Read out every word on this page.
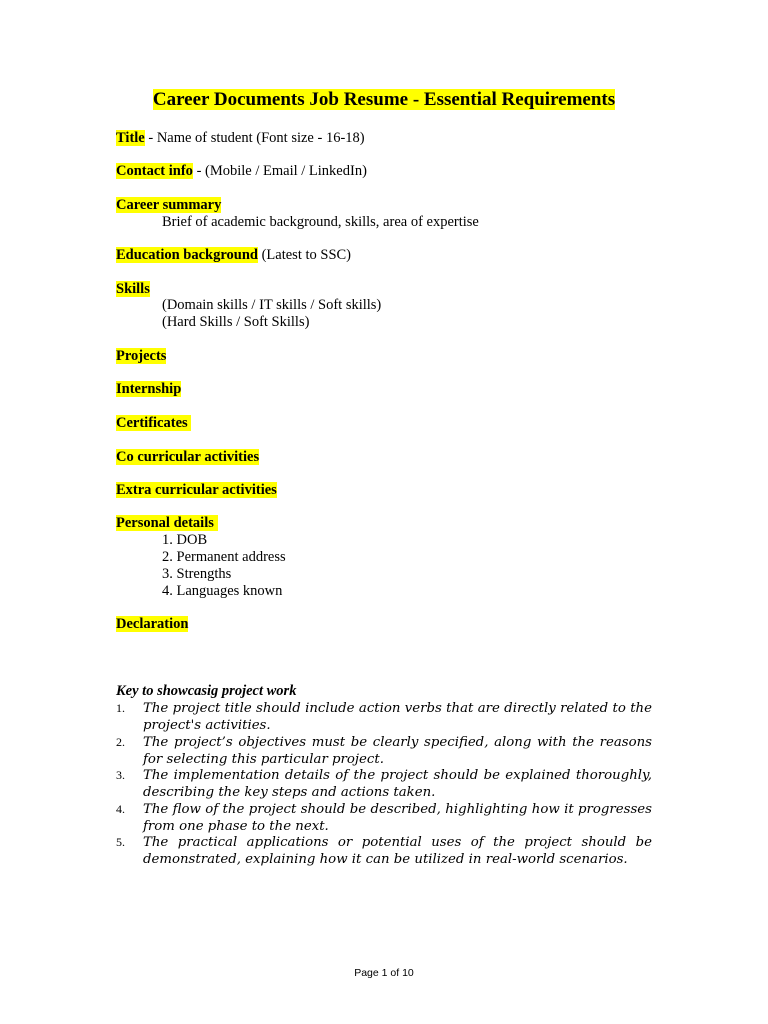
Career Documents Job Resume - Essential Requirements
Title - Name of student (Font size - 16-18)
Contact info - (Mobile / Email / LinkedIn)
Career summary
Brief of academic background, skills, area of expertise
Education background (Latest to SSC)
Skills
(Domain skills / IT skills / Soft skills)
(Hard Skills / Soft Skills)
Projects
Internship
Certificates
Co curricular activities
Extra curricular activities
Personal details
1. DOB
2. Permanent address
3. Strengths
4. Languages known
Declaration
Key to showcasig project work
1. The project title should include action verbs that are directly related to the project's activities.
2. The project’s objectives must be clearly specified, along with the reasons for selecting this particular project.
3. The implementation details of the project should be explained thoroughly, describing the key steps and actions taken.
4. The flow of the project should be described, highlighting how it progresses from one phase to the next.
5. The practical applications or potential uses of the project should be demonstrated, explaining how it can be utilized in real-world scenarios.
Page 1 of 10
